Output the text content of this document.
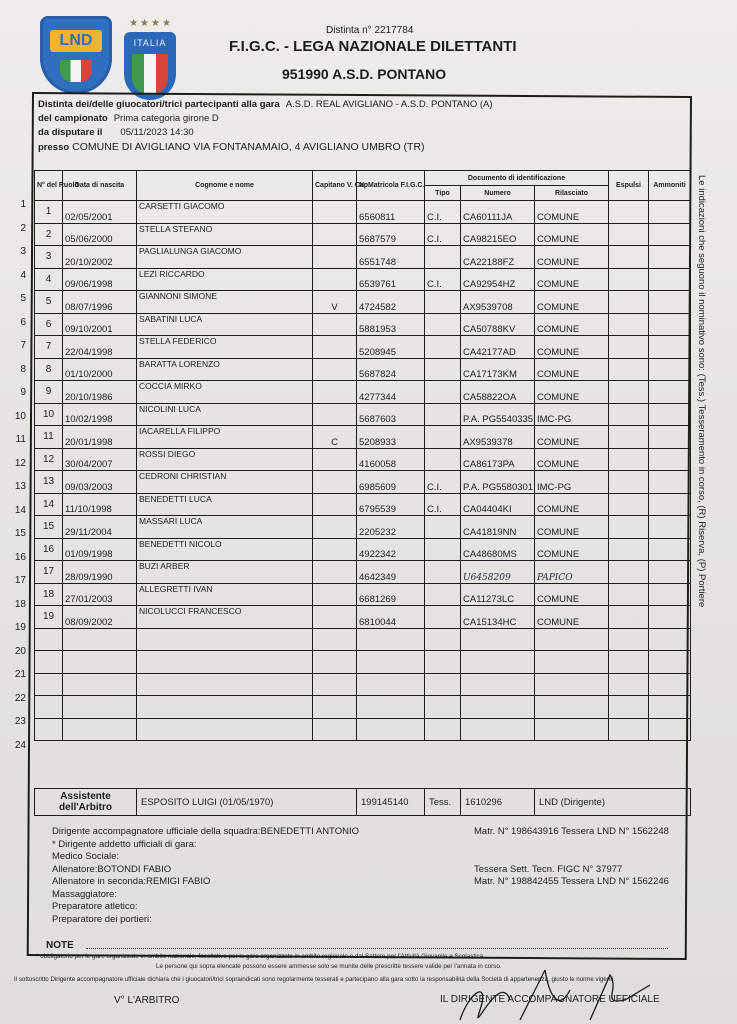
LND
★★★★
ITALIA
Distinta n° 2217784
F.I.G.C. - LEGA NAZIONALE DILETTANTI
951990 A.S.D. PONTANO
Distinta dei/delle giuocatori/trici partecipanti alla gara A.S.D. REAL AVIGLIANO - A.S.D. PONTANO (A)
del campionato Prima categoria girone D
da disputare il 05/11/2023 14:30
presso COMUNE DI AVIGLIANO VIA FONTANAMAIO, 4 AVIGLIANO UMBRO (TR)
1
2
3
4
5
6
7
8
9
10
11
12
13
14
15
16
17
18
19
20
21
22
23
24
N° del Ruolo	Data di nascita	Cognome e nome	Capitano V. Cap.	N. Matricola F.I.G.C.	Documento di identificazione			Espulsi	Ammoniti
					Tipo	Numero	Rilasciato		
1	02/05/2001	CARSETTI GIACOMO		6560811	C.I.	CA60111JA	COMUNE		
2	05/06/2000	STELLA STEFANO		5687579	C.I.	CA98215EO	COMUNE		
3	20/10/2002	PAGLIALUNGA GIACOMO		6551748		CA22188FZ	COMUNE		
4	09/06/1998	LEZI RICCARDO		6539761	C.I.	CA92954HZ	COMUNE		
5	08/07/1996	GIANNONI SIMONE	V	4724582		AX9539708	COMUNE		
6	09/10/2001	SABATINI LUCA		5881953		CA50788KV	COMUNE		
7	22/04/1998	STELLA FEDERICO		5208945		CA42177AD	COMUNE		
8	01/10/2000	BARATTA LORENZO		5687824		CA17173KM	COMUNE		
9	20/10/1986	COCCIA MIRKO		4277344		CA58822OA	COMUNE		
10	10/02/1998	NICOLINI LUCA		5687603		P.A. PG5540335	IMC-PG		
11	20/01/1998	IACARELLA FILIPPO	C	5208933		AX9539378	COMUNE		
12	30/04/2007	ROSSI DIEGO		4160058		CA86173PA	COMUNE		
13	09/03/2003	CEDRONI CHRISTIAN		6985609	C.I.	P.A. PG5580301	IMC-PG		
14	11/10/1998	BENEDETTI LUCA		6795539	C.I.	CA04404KI	COMUNE		
15	29/11/2004	MASSARI LUCA		2205232		CA41819NN	COMUNE		
16	01/09/1998	BENEDETTI NICOLO		4922342		CA48680MS	COMUNE		
17	28/09/1990	BUZI ARBER		4642349		U6458209	PAPICO		
18	27/01/2003	ALLEGRETTI IVAN		6681269		CA11273LC	COMUNE		
19	08/09/2002	NICOLUCCI FRANCESCO		6810044		CA15134HC	COMUNE		

Assistente dell'Arbitro	ESPOSITO LUIGI (01/05/1970)	199145140	Tess.	1610296	LND (Dirigente)
Dirigente accompagnatore ufficiale della squadra:BENEDETTI ANTONIO	Matr. N° 198643916 Tessera LND N° 1562248
* Dirigente addetto ufficiali di gara:
Medico Sociale:
Allenatore:BOTONDI FABIO	Tessera Sett. Tecn. FIGC N° 37977
Allenatore in seconda:REMIGI FABIO	Matr. N° 198842455 Tessera LND N° 1562246
Massaggiatore:
Preparatore atletico:
Preparatore dei portieri:
NOTE
* obbligatorio per le gare organizzate in ambito nazionale, facoltativo per le gare organizzate in ambito regionale e dal Settore per l'Attività Giovanile e Scolastica
Le persone qui sopra elencate possono essere ammesse solo se munite delle prescritte tessere valide per l'annata in corso.
Il sottoscritto Dirigente accompagnatore ufficiale dichiara che i giuocatori/trici sopraindicati sono regolarmente tesserati e partecipano alla gara sotto la responsabilità della Società di appartenenza, giusto le norme vigenti.
V° L'ARBITRO	IL DIRIGENTE ACCOMPAGNATORE UFFICIALE
Le indicazioni che seguono il nominativo sono: (Tess.) Tesseramento in corso, (R) Riserva, (P) Portiere
